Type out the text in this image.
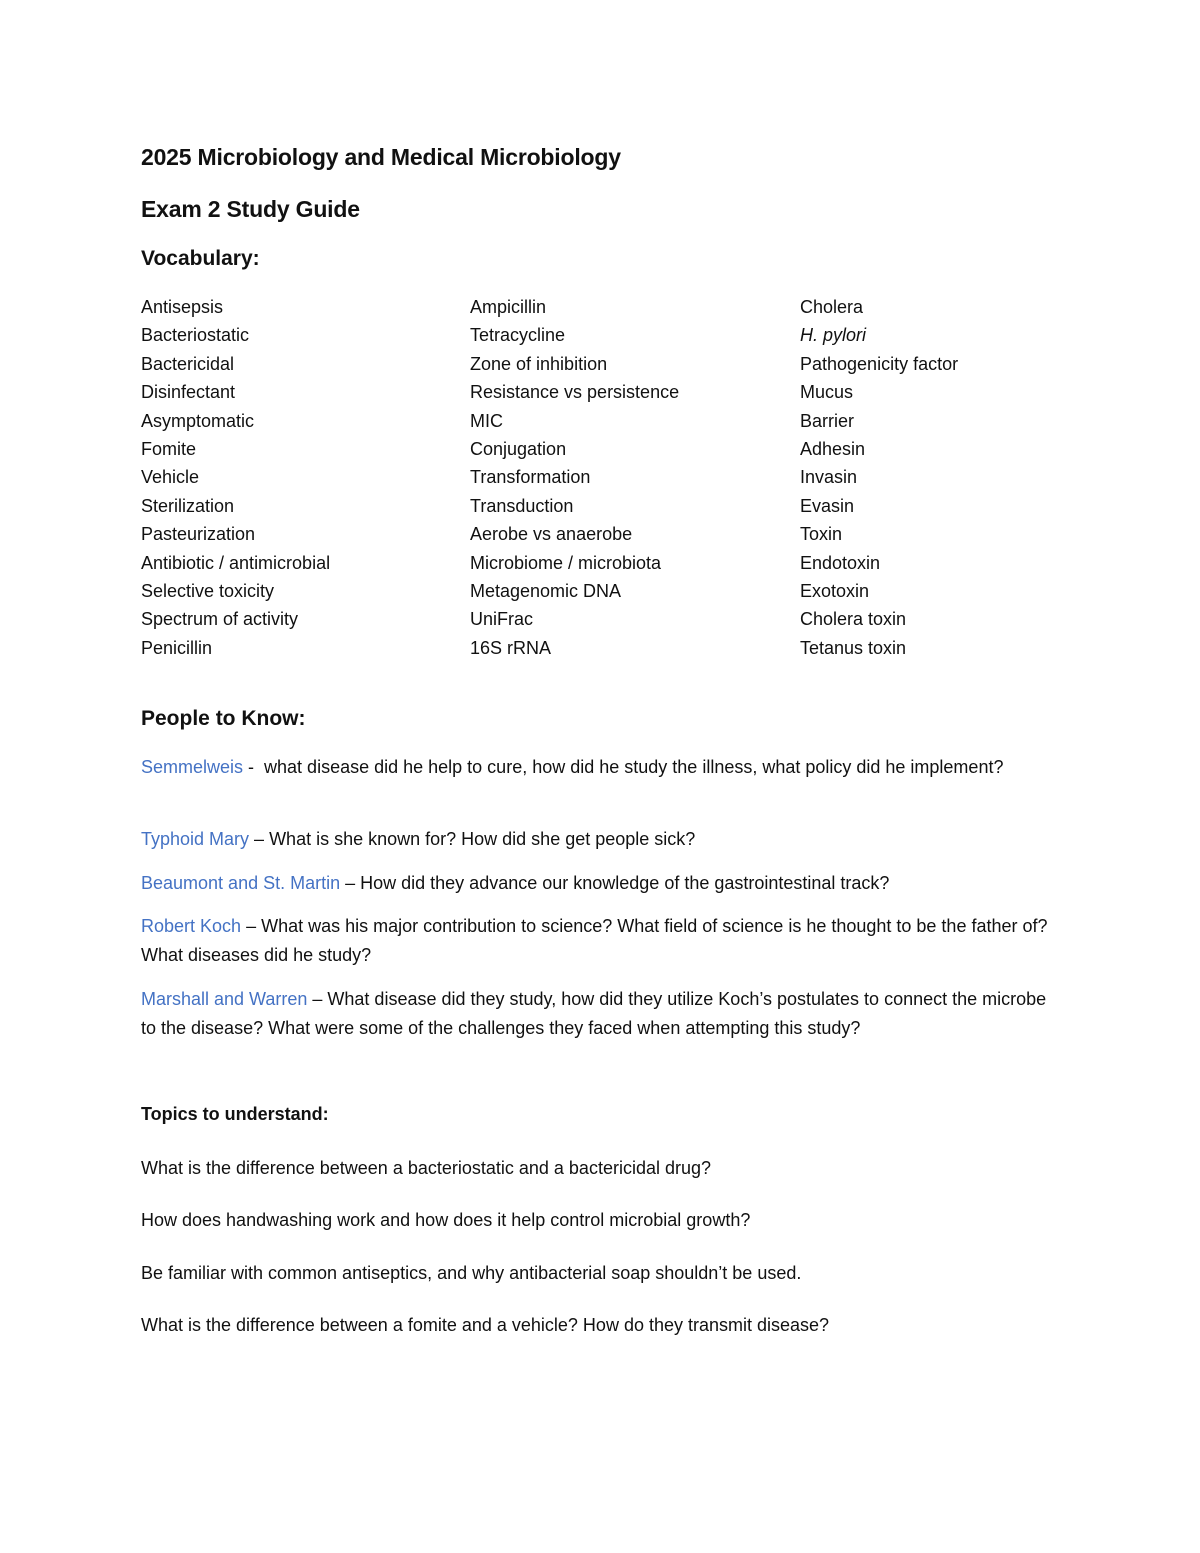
2025 Microbiology and Medical Microbiology
Exam 2 Study Guide
Vocabulary:
Antisepsis
Bacteriostatic
Bactericidal
Disinfectant
Asymptomatic
Fomite
Vehicle
Sterilization
Pasteurization
Antibiotic / antimicrobial
Selective toxicity
Spectrum of activity
Penicillin
Ampicillin
Tetracycline
Zone of inhibition
Resistance vs persistence
MIC
Conjugation
Transformation
Transduction
Aerobe vs anaerobe
Microbiome / microbiota
Metagenomic DNA
UniFrac
16S rRNA
Cholera
H. pylori
Pathogenicity factor
Mucus
Barrier
Adhesin
Invasin
Evasin
Toxin
Endotoxin
Exotoxin
Cholera toxin
Tetanus toxin
People to Know:

Semmelweis -  what disease did he help to cure, how did he study the illness, what policy did he implement?

Typhoid Mary – What is she known for? How did she get people sick?

Beaumont and St. Martin – How did they advance our knowledge of the gastrointestinal track?

Robert Koch – What was his major contribution to science? What field of science is he thought to be the father of? What diseases did he study?

Marshall and Warren – What disease did they study, how did they utilize Koch’s postulates to connect the microbe to the disease? What were some of the challenges they faced when attempting this study?

Topics to understand:

What is the difference between a bacteriostatic and a bactericidal drug?

How does handwashing work and how does it help control microbial growth?

Be familiar with common antiseptics, and why antibacterial soap shouldn’t be used.

What is the difference between a fomite and a vehicle? How do they transmit disease?
